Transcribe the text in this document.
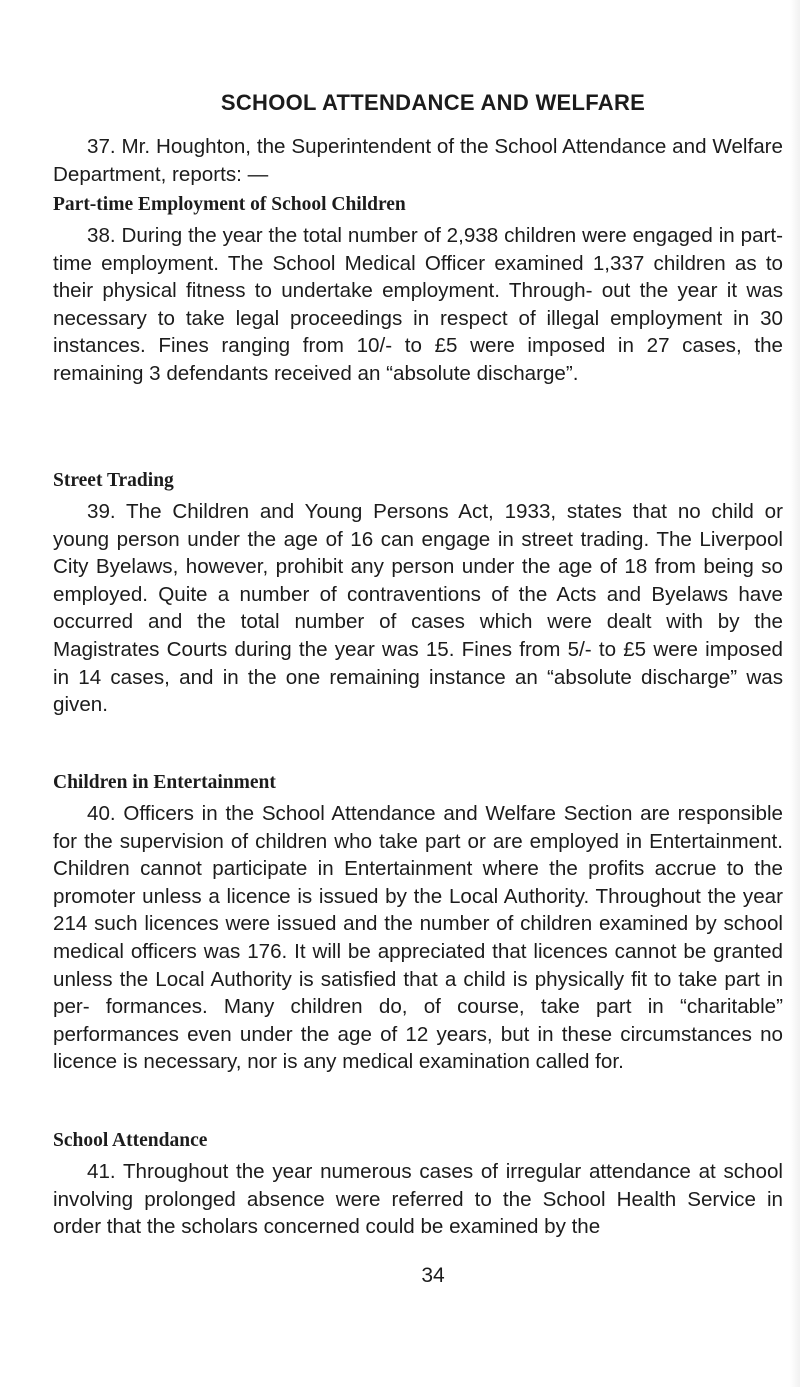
SCHOOL ATTENDANCE AND WELFARE

37. Mr. Houghton, the Superintendent of the School Attendance and Welfare Department, reports: —

Part-time Employment of School Children

38. During the year the total number of 2,938 children were engaged in part-time employment. The School Medical Officer examined 1,337 children as to their physical fitness to undertake employment. Through- out the year it was necessary to take legal proceedings in respect of illegal employment in 30 instances. Fines ranging from 10/- to £5 were imposed in 27 cases, the remaining 3 defendants received an “absolute discharge”.

Street Trading

39. The Children and Young Persons Act, 1933, states that no child or young person under the age of 16 can engage in street trading. The Liverpool City Byelaws, however, prohibit any person under the age of 18 from being so employed. Quite a number of contraventions of the Acts and Byelaws have occurred and the total number of cases which were dealt with by the Magistrates Courts during the year was 15. Fines from 5/- to £5 were imposed in 14 cases, and in the one remaining instance an “absolute discharge” was given.

Children in Entertainment

40. Officers in the School Attendance and Welfare Section are responsible for the supervision of children who take part or are employed in Entertainment. Children cannot participate in Entertainment where the profits accrue to the promoter unless a licence is issued by the Local Authority. Throughout the year 214 such licences were issued and the number of children examined by school medical officers was 176. It will be appreciated that licences cannot be granted unless the Local Authority is satisfied that a child is physically fit to take part in per- formances. Many children do, of course, take part in “charitable” performances even under the age of 12 years, but in these circumstances no licence is necessary, nor is any medical examination called for.

School Attendance

41. Throughout the year numerous cases of irregular attendance at school involving prolonged absence were referred to the School Health Service in order that the scholars concerned could be examined by the

34
